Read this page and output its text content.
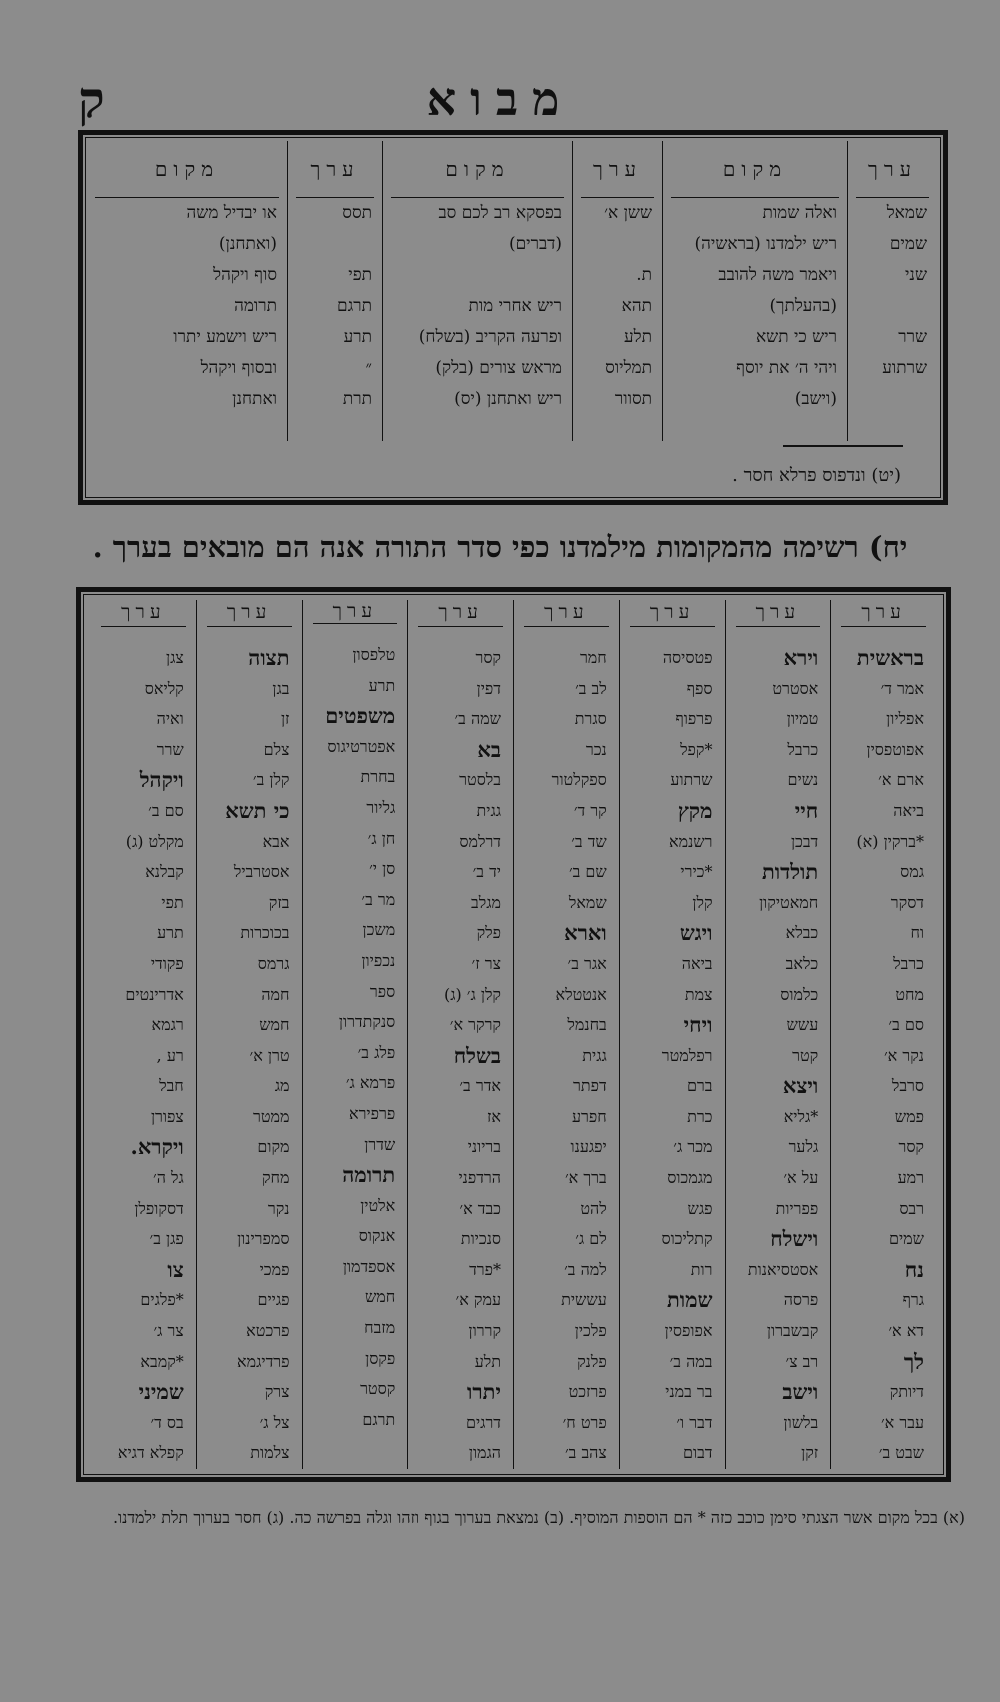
מבוא
ק
ערך
שמאל
שמים
שני
שרר
שרתוע
מקום
ואלה שמות
ריש ילמדנו (בראשיה)
ויאמר משה להובב
(בהעלתך)
ריש כי תשא
ויהי ה׳ את יוסף
(וישב)
ערך
ששן א׳
ת.
תהא
תלע
תמליוס
תסוור
מקום
בפסקא רב לכם סב
(דברים)
ריש אחרי מות
ופרעה הקריב (בשלח)
מראש צורים (בלק)
ריש ואתחנן (יס)
ערך
תסס
תפי
תרגם
תרע
״
תרת
מקום
או יבדיל משה
(ואתחנן)
סוף ויקהל
תרומה
ריש וישמע יתרו
ובסוף ויקהל
ואתחנן
(יט) ונדפוס פרלא חסר .
יח) רשימה מהמקומות מילמדנו כפי סדר התורה אנה הם מובאים בערך .
ערך
בראשית
אמר ד׳
אפליון
אפוטפסין
ארם א׳
ביאה
*ברקין (א)
גמס
דסקר
וח
כרבל
מחט
סם ב׳
נקר א׳
סרבל
פמש
קסר
רמע
רבס
שמים
נח
גרף
דא א׳
לך
דיותק
עבר א׳
שבט ב׳
ערך
וירא
אסטרט
טמיון
כרבל
נשים
חיי
דבכן
תולדות
חמאטיקון
כבלא
כלאב
כלמוס
עשש
קטר
ויצא
*גליא
גלער
על א׳
פפריות
וישלח
אסטסיאנות
פרסה
קבשברון
רב צ׳
וישב
בלשון
זקן
ערך
פטסיסה
ספף
פרפוף
*קפל
שרתוע
מקץ
רשנמא
*כירי
קלן
ויגש
ביאה
צמת
ויחי
רפלמטר
ברם
כרת
מכר ג׳
מגמכוס
פגש
קתליכוס
רות
שמות
אפופסין
במה ב׳
בר במני
דבר ו׳
דבום
ערך
חמר
לב ב׳
סגרת
נכר
ספקלטור
קר ד׳
שד ב׳
שם ב׳
שמאל
וארא
אגר ב׳
אנטטלא
בחנמל
גגית
דפתר
חפרע
יפגענו
ברך א׳
להט
לם ג׳
למה ב׳
עששית
פלכין
פלנק
פרזכט
פרט ח׳
צהב ב׳
ערך
קסר
דפין
שמה ב׳
בא
בלסטר
גגית
דרלמס
יד ב׳
מגלב
פלק
צר ז׳
קלן ג׳ (ג)
קרקר א׳
בשלח
אדר ב׳
אז
בריוני
הרדפני
כבד א׳
סנכיות
*פרד
עמק א׳
קררון
תלע
יתרו
דרגים
הגמון
ערך
טלפסון
תרע
משפטים
אפטרטיגוס
בחרת
גליור
חן ג׳
סן י׳
מר ב׳
משכן
נכפיון
ספר
סנקתדרון
פלג ב׳
פרמא ג׳
פרפירא
שדרן
תרומה
אלטין
אנקוס
אספדמון
חמש
מזבח
פקסן
קסטר
תרגם
ערך
תצוה
בגן
זן
צלם
קלן ב׳
כי תשא
אבא
אסטרביל
בזק
בכוכרות
גרמס
חמה
חמש
טרן א׳
מג
ממטר
מקום
מחק
נקר
סמפרינון
פמכי
פגיים
פרכטא
פרדיגמא
צרק
צל ג׳
צלמות
ערך
צגן
קליאס
ואיה
שרר
ויקהל
סם ב׳
מקלט (ג)
קבלנא
תפי
תרע
פקודי
אדרינטים
רגמא
רע ,
חבל
צפורן
ויקרא.
גל ה׳
דסקופלן
פגן ב׳
צו
*פלגים
צר ג׳
*קמבא
שמיני
בס ד׳
קפלא דגיא
(א) בכל מקום אשר הצגתי סימן כוכב כזה * הם הוספות המוסיף. (ב) נמצאת בערוך בגוף וזהו וגלה בפרשה כה. (ג) חסר בערוך תלת ילמדנו.
